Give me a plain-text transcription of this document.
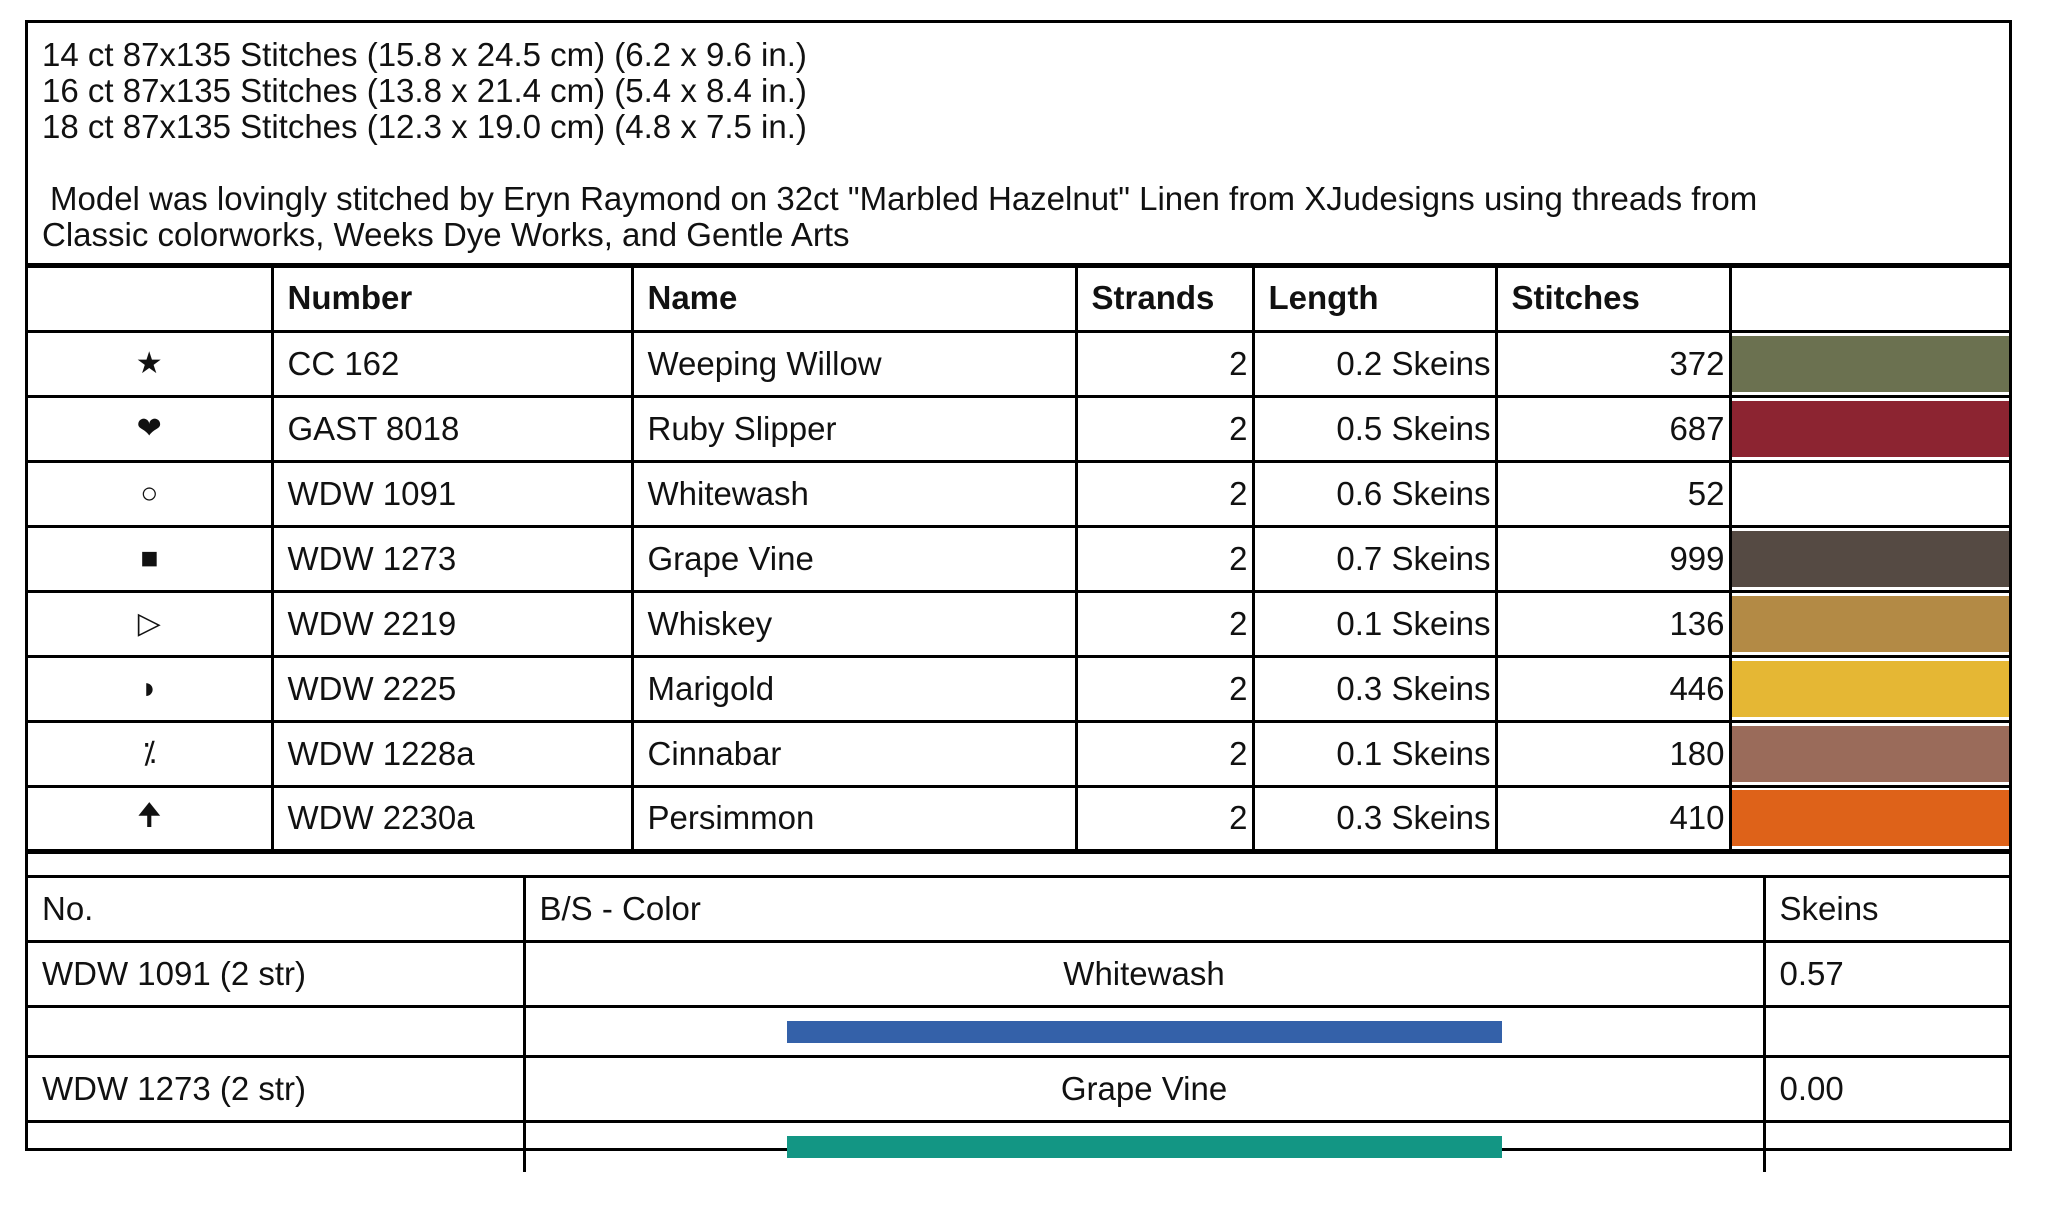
14 ct 87x135 Stitches (15.8 x 24.5 cm) (6.2 x 9.6 in.)
16 ct 87x135 Stitches (13.8 x 21.4 cm) (5.4 x 8.4 in.)
18 ct 87x135 Stitches (12.3 x 19.0 cm) (4.8 x 7.5 in.)
Model was lovingly stitched by Eryn Raymond on 32ct "Marbled Hazelnut" Linen from XJudesigns using threads from
Classic colorworks, Weeks Dye Works, and Gentle Arts
	Number	Name	Strands	Length	Stitches	
★	CC 162	Weeping Willow	2	0.2 Skeins	372	

❤	GAST 8018	Ruby Slipper	2	0.5 Skeins	687	

○	WDW 1091	Whitewash	2	0.6 Skeins	52	

■	WDW 1273	Grape Vine	2	0.7 Skeins	999	

▷	WDW 2219	Whiskey	2	0.1 Skeins	136	

◗	WDW 2225	Marigold	2	0.3 Skeins	446	

⁒	WDW 1228a	Cinnabar	2	0.1 Skeins	180	

🠉	WDW 2230a	Persimmon	2	0.3 Skeins	410	
No.	B/S - Color	Skeins
WDW 1091 (2 str)	Whitewash	0.57

WDW 1273 (2 str)	Grape Vine	0.00
